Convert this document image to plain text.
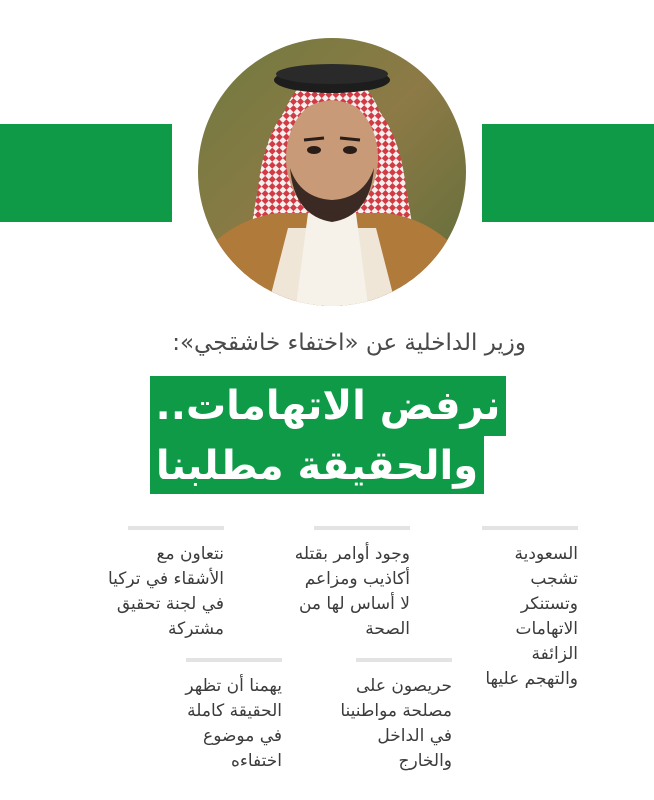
وزير الداخلية عن «اختفاء خاشقجي»:
نرفض الاتهامات..
والحقيقة مطلبنا
السعودية
تشجب وتستنكر
الاتهامات الزائفة
والتهجم عليها
وجود أوامر بقتله
أكاذيب ومزاعم
لا أساس لها من
الصحة
نتعاون مع
الأشقاء في تركيا
في لجنة تحقيق
مشتركة
حريصون على
مصلحة مواطنينا
في الداخل
والخارج
يهمنا أن تظهر
الحقيقة كاملة
في موضوع
اختفاءه
